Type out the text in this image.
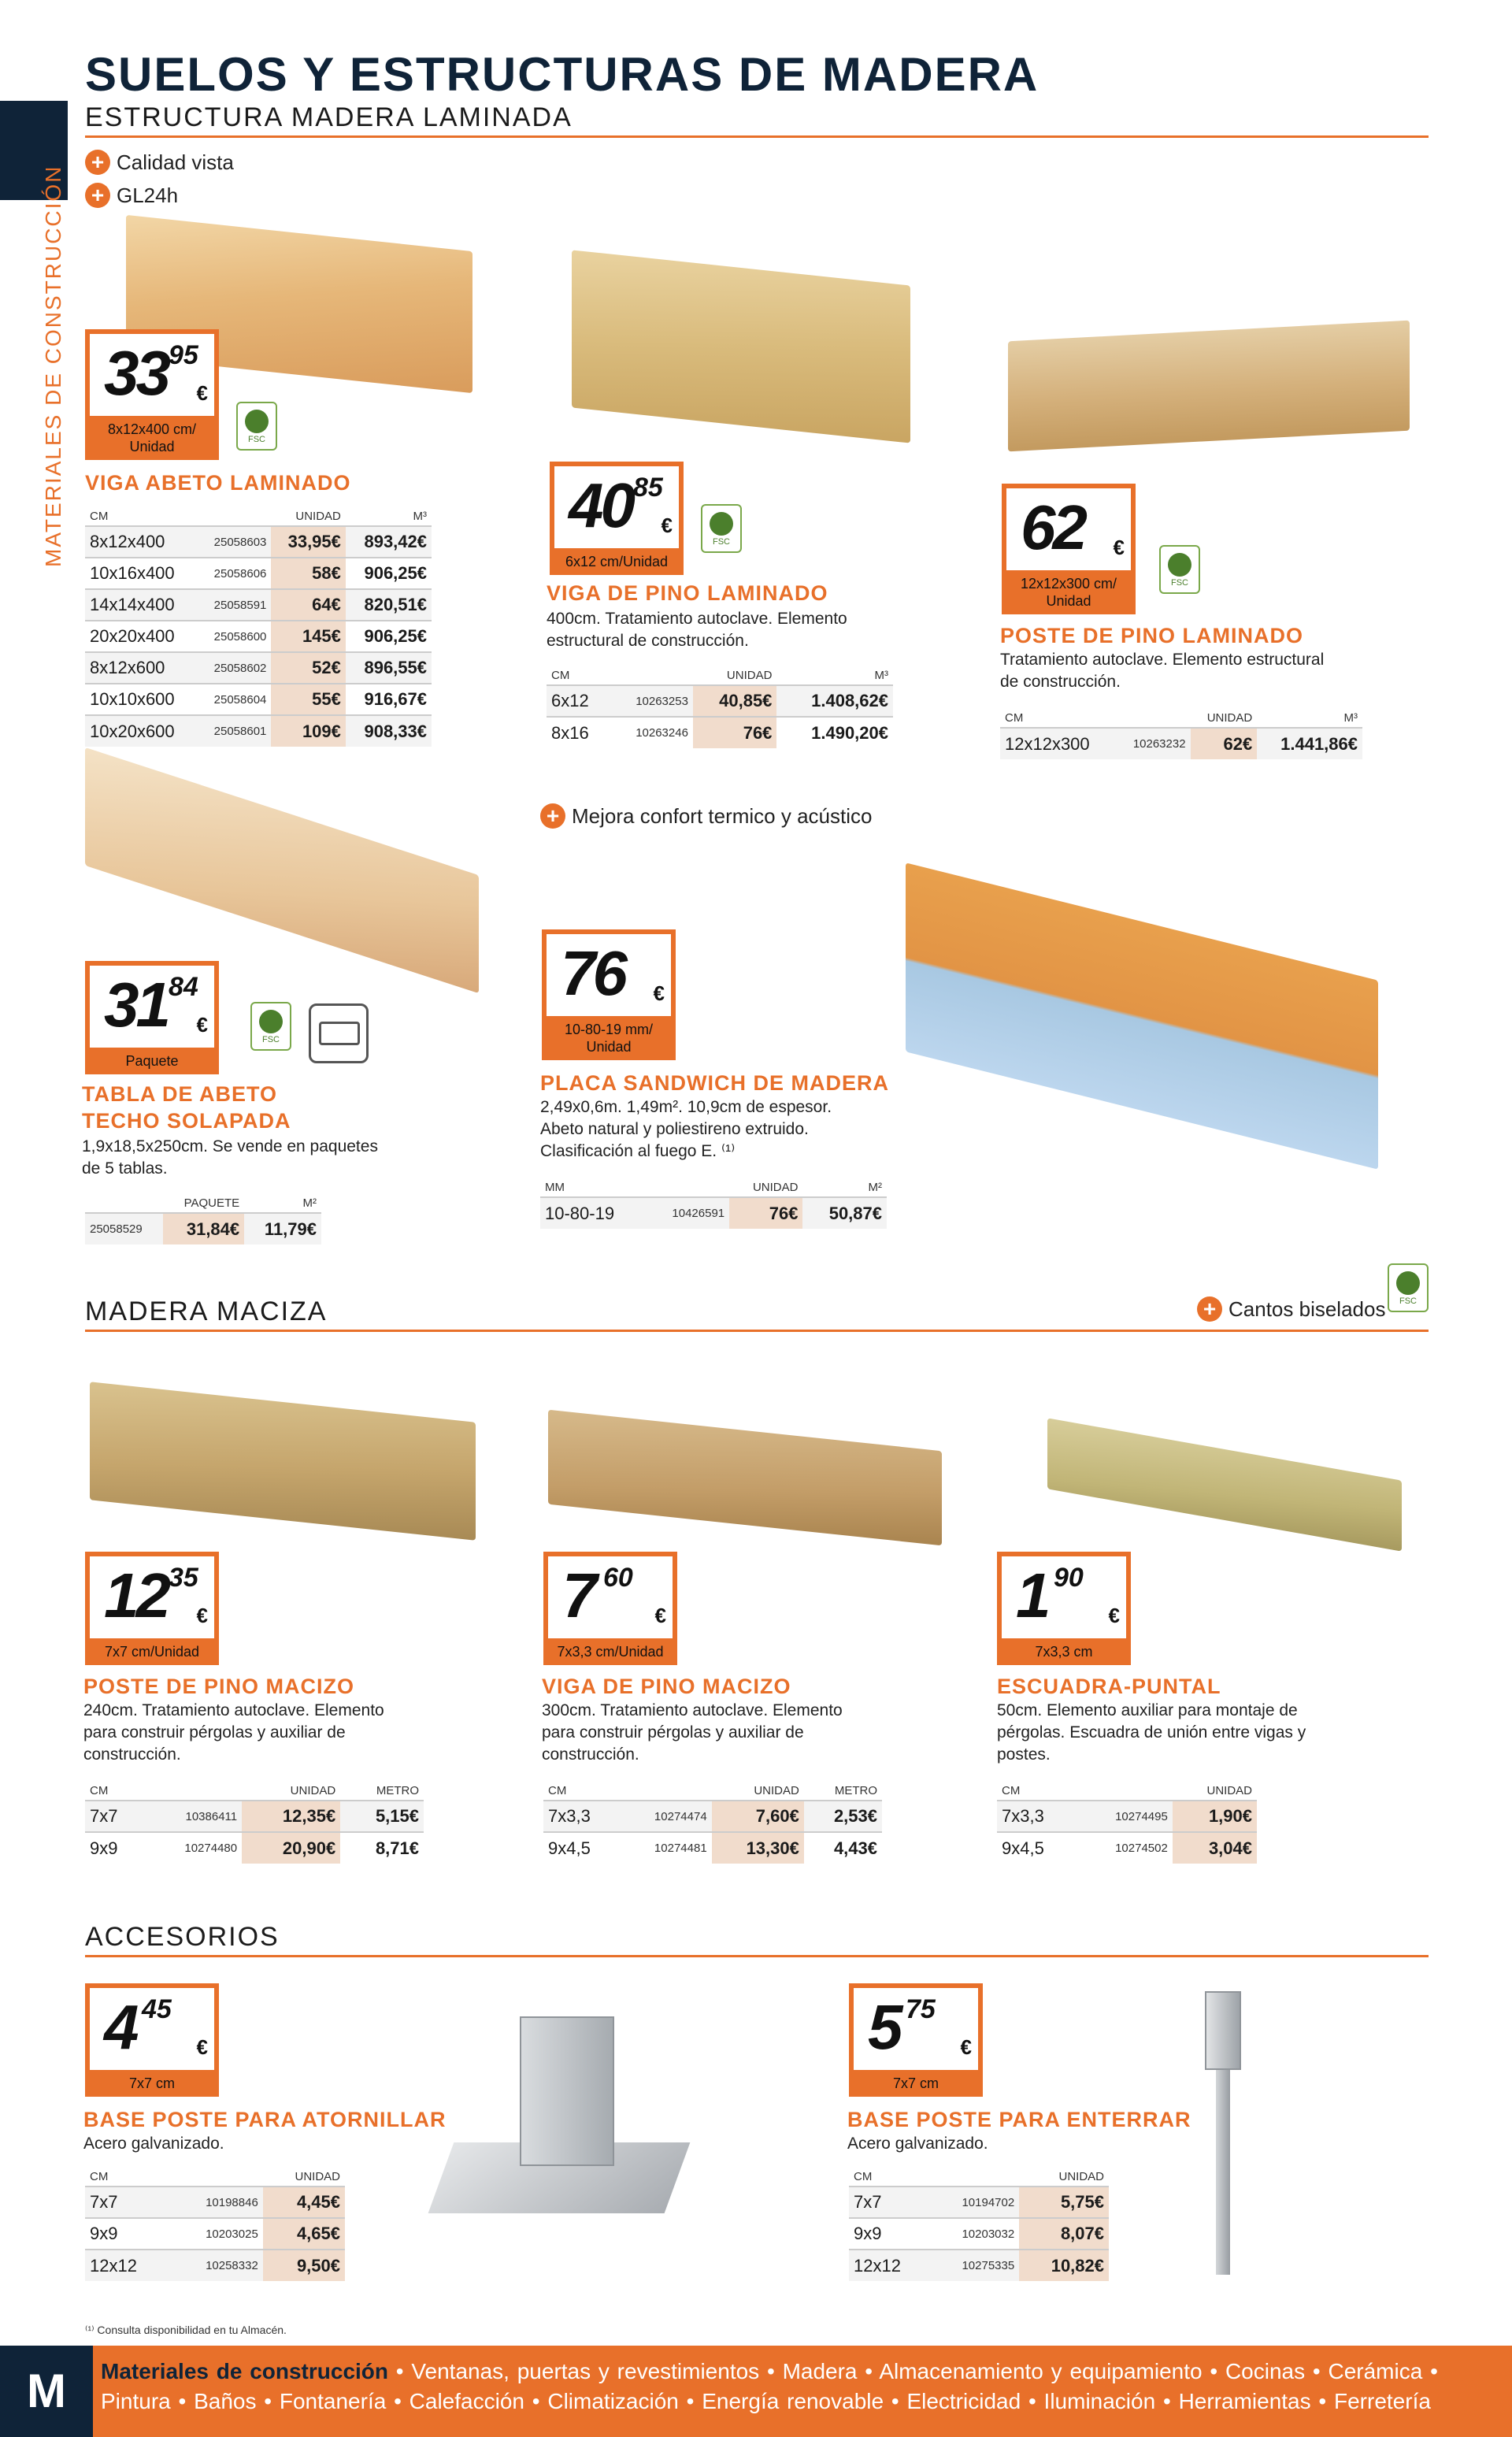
MATERIALES DE CONSTRUCCIÓN
SUELOS Y ESTRUCTURAS DE MADERA
ESTRUCTURA MADERA LAMINADA
+ Calidad vista
+ GL24h
33 95
€
8x12x400 cm/ Unidad	FSC
VIGA ABETO LAMINADO
CM		UNIDAD	M³
8x12x400	25058603	33,95€	893,42€
10x16x400	25058606	58€	906,25€
14x14x400	25058591	64€	820,51€
20x20x400	25058600	145€	906,25€
8x12x600	25058602	52€	896,55€
10x10x600	25058604	55€	916,67€
10x20x600	25058601	109€	908,33€
40 85
€
6x12 cm/Unidad
FSC
VIGA DE PINO LAMINADO
400cm. Tratamiento autoclave. Elemento estructural de construcción.
CM		UNIDAD	M³
6x12	10263253	40,85€	1.408,62€
8x16	10263246	76€	1.490,20€
62 €
12x12x300 cm/ Unidad
FSC
POSTE DE PINO LAMINADO
Tratamiento autoclave. Elemento estructural de construcción.
CM		UNIDAD	M³
12x12x300	10263232	62€	1.441,86€
31 84
€
Paquete
FSC
TABLA DE ABETO TECHO SOLAPADA
1,9x18,5x250cm. Se vende en paquetes de 5 tablas.
	PAQUETE	M²
25058529	31,84€	11,79€
+ Mejora confort termico y acústico
76 €
10-80-19 mm/ Unidad
PLACA SANDWICH DE MADERA
2,49x0,6m. 1,49m². 10,9cm de espesor. Abeto natural y poliestireno extruido. Clasificación al fuego E. ⁽¹⁾
MM		UNIDAD	M²
10-80-19	10426591	76€	50,87€
MADERA MACIZA	+ Cantos biselados	FSC
12 35
€
7x7 cm/Unidad
POSTE DE PINO MACIZO
240cm. Tratamiento autoclave. Elemento para construir pérgolas y auxiliar de construcción.
CM		UNIDAD	METRO
7x7	10386411	12,35€	5,15€
9x9	10274480	20,90€	8,71€
7 60
€
7x3,3 cm/Unidad
VIGA DE PINO MACIZO
300cm. Tratamiento autoclave. Elemento para construir pérgolas y auxiliar de construcción.
CM		UNIDAD	METRO
7x3,3	10274474	7,60€	2,53€
9x4,5	10274481	13,30€	4,43€
1 90
€
7x3,3 cm
ESCUADRA-PUNTAL
50cm. Elemento auxiliar para montaje de pérgolas. Escuadra de unión entre vigas y postes.
CM		UNIDAD
7x3,3	10274495	1,90€
9x4,5	10274502	3,04€
ACCESORIOS
4 45
€
7x7 cm
BASE POSTE PARA ATORNILLAR
Acero galvanizado.
CM		UNIDAD
7x7	10198846	4,45€
9x9	10203025	4,65€
12x12	10258332	9,50€
5 75
€
7x7 cm
BASE POSTE PARA ENTERRAR
Acero galvanizado.
CM		UNIDAD
7x7	10194702	5,75€
9x9	10203032	8,07€
12x12	10275335	10,82€
⁽¹⁾ Consulta disponibilidad en tu Almacén.
M	Materiales de construcción • Ventanas, puertas y revestimientos • Madera • Almacenamiento y equipamiento • Cocinas • Cerámica • Pintura • Baños • Fontanería • Calefacción • Climatización • Energía renovable • Electricidad • Iluminación • Herramientas • Ferretería
